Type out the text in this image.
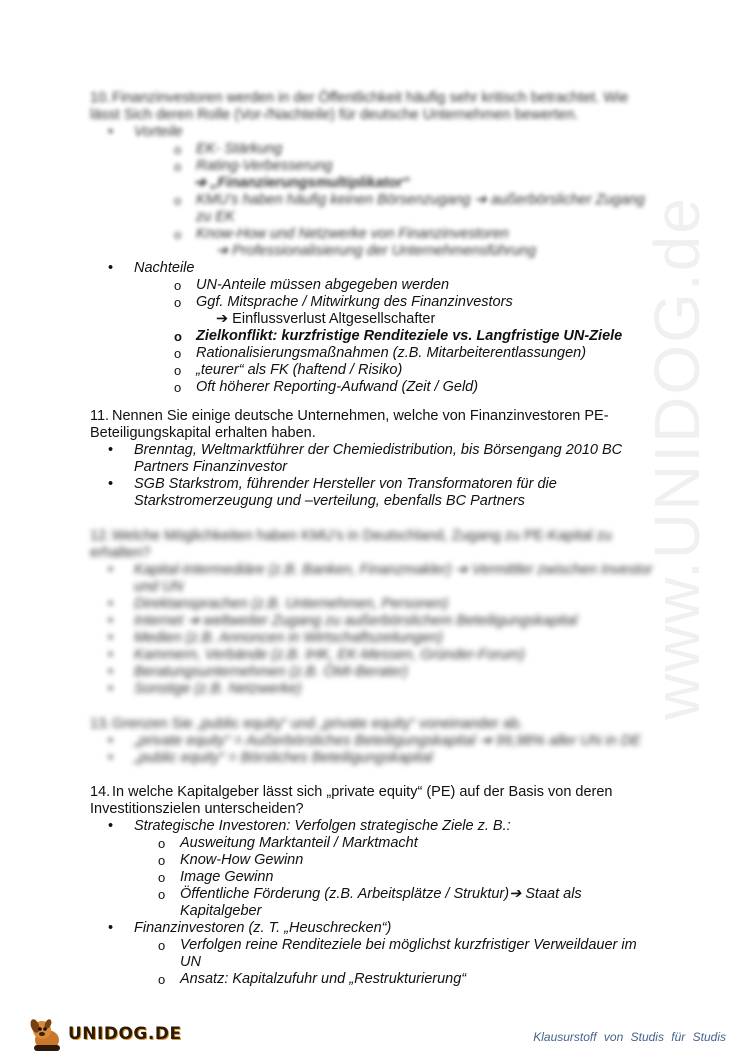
www.UNIDOG.de

10. Finanzinvestoren werden in der Öffentlichkeit häufig sehr kritisch betrachtet. Wie lässt Sich deren Rolle (Vor-/Nachteile) für deutsche Unternehmen bewerten.

• Vorteile
o EK- Stärkung
o Rating-Verbesserung
➔ „Finanzierungsmultiplikator“
o KMU’s haben häufig keinen Börsenzugang ➔ außerbörslicher Zugang zu EK
o Know-How und Netzwerke von Finanzinvestoren
➔ Professionalisierung der Unternehmensführung
• Nachteile
o UN-Anteile müssen abgegeben werden
o Ggf. Mitsprache / Mitwirkung des Finanzinvestors
➔ Einflussverlust Altgesellschafter
o Zielkonflikt: kurzfristige Renditeziele vs. Langfristige UN-Ziele
o Rationalisierungsmaßnahmen (z.B. Mitarbeiterentlassungen)
o „teurer“ als FK (haftend / Risiko)
o Oft höherer Reporting-Aufwand (Zeit / Geld)

11. Nennen Sie einige deutsche Unternehmen, welche von Finanzinvestoren PE-Beteiligungskapital erhalten haben.

• Brenntag, Weltmarktführer der Chemiedistribution, bis Börsengang 2010 BC Partners Finanzinvestor
• SGB Starkstrom, führender Hersteller von Transformatoren für die Starkstromerzeugung und –verteilung, ebenfalls BC Partners

12. Welche Möglichkeiten haben KMU’s in Deutschland, Zugang zu PE-Kapital zu erhalten?

• Kapital-Intermediäre (z.B. Banken, Finanzmakler) ➔ Vermittler zwischen Investor und UN
• Direktansprachen (z.B. Unternehmen, Personen)
• Internet ➔ weltweiter Zugang zu außerbörslichem Beteiligungskapital
• Medien (z.B. Annoncen in Wirtschaftszeitungen)
• Kammern, Verbände (z.B. IHK, EK-Messen, Gründer-Forum)
• Beratungsunternehmen (z.B. ÖMI-Berater)
• Sonstige (z.B. Netzwerke)

13. Grenzen Sie „public equity“ und „private equity“ voneinander ab.

• „private equity“ = Außerbörsliches Beteiligungskapital ➔ 99,98% aller UN in DE
• „public equity“ = Börsliches Beteiligungskapital

14. In welche Kapitalgeber lässt sich „private equity“ (PE) auf der Basis von deren Investitionszielen unterscheiden?

• Strategische Investoren: Verfolgen strategische Ziele z. B.:
o Ausweitung Marktanteil / Marktmacht
o Know-How Gewinn
o Image Gewinn
o Öffentliche Förderung (z.B. Arbeitsplätze / Struktur)➔ Staat als Kapitalgeber
• Finanzinvestoren (z. T. „Heuschrecken“)
o Verfolgen reine Renditeziele bei möglichst kurzfristiger Verweildauer im UN
o Ansatz: Kapitalzufuhr und „Restrukturierung“
UNIDOG.DE	Klausurstoff von Studis für Studis
